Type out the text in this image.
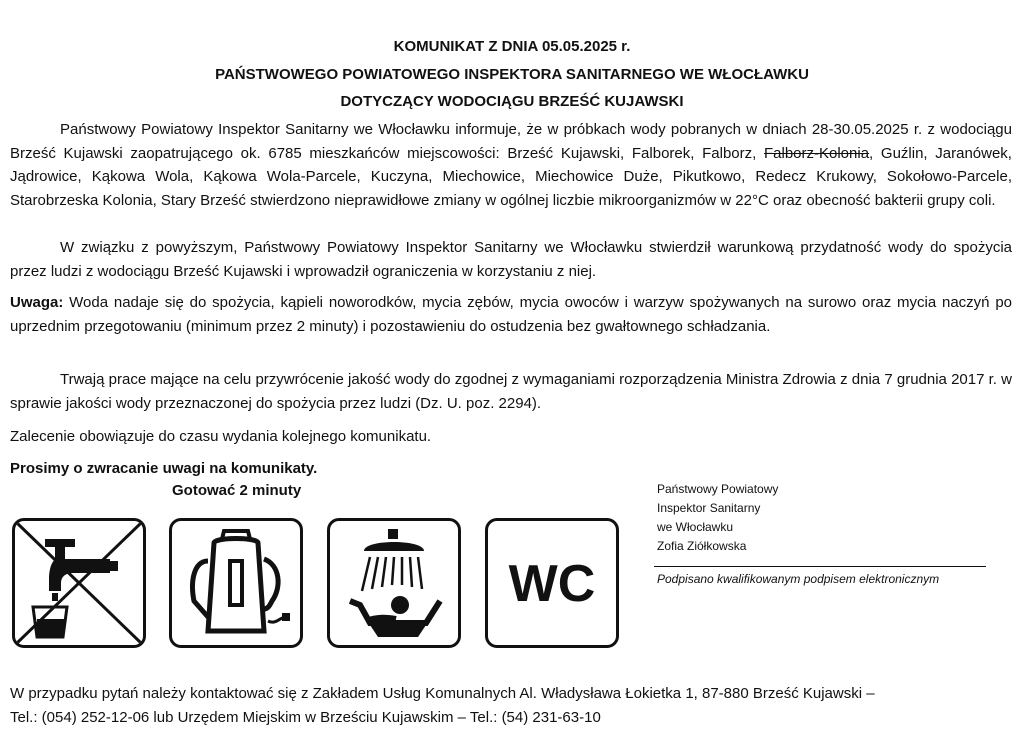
KOMUNIKAT Z DNIA 05.05.2025 r.
PAŃSTWOWEGO POWIATOWEGO INSPEKTORA SANITARNEGO WE WŁOCŁAWKU
DOTYCZĄCY WODOCIĄGU BRZEŚĆ KUJAWSKI
Państwowy Powiatowy Inspektor Sanitarny we Włocławku informuje, że w próbkach wody pobranych w dniach 28-30.05.2025 r. z wodociągu Brześć Kujawski zaopatrującego ok. 6785 mieszkańców miejscowości: Brześć Kujawski, Falborek, Falborz, Falborz-Kolonia, Guźlin, Jaranówek, Jądrowice, Kąkowa Wola, Kąkowa Wola-Parcele, Kuczyna, Miechowice, Miechowice Duże, Pikutkowo, Redecz Krukowy, Sokołowo-Parcele, Starobrzeska Kolonia, Stary Brześć stwierdzono nieprawidłowe zmiany w ogólnej liczbie mikroorganizmów w 22°C oraz obecność bakterii grupy coli.
W związku z powyższym, Państwowy Powiatowy Inspektor Sanitarny we Włocławku stwierdził warunkową przydatność wody do spożycia przez ludzi z wodociągu Brześć Kujawski i wprowadził ograniczenia w korzystaniu z niej.
Uwaga: Woda nadaje się do spożycia, kąpieli noworodków, mycia zębów, mycia owoców i warzyw spożywanych na surowo oraz mycia naczyń po uprzednim przegotowaniu (minimum przez 2 minuty) i pozostawieniu do ostudzenia bez gwałtownego schładzania.
Trwają prace mające na celu przywrócenie jakość wody do zgodnej z wymaganiami rozporządzenia Ministra Zdrowia z dnia 7 grudnia 2017 r. w sprawie jakości wody przeznaczonej do spożycia przez ludzi (Dz. U. poz. 2294).
Zalecenie obowiązuje do czasu wydania kolejnego komunikatu.
Prosimy o zwracanie uwagi na komunikaty.
Gotować 2 minuty
WC
Państwowy Powiatowy
Inspektor Sanitarny
we Włocławku
Zofia Ziółkowska
Podpisano kwalifikowanym podpisem elektronicznym
W przypadku pytań należy kontaktować się z Zakładem Usług Komunalnych Al. Władysława Łokietka 1, 87-880 Brześć Kujawski –
Tel.: (054) 252-12-06 lub Urzędem Miejskim w Brześciu Kujawskim – Tel.: (54) 231-63-10
